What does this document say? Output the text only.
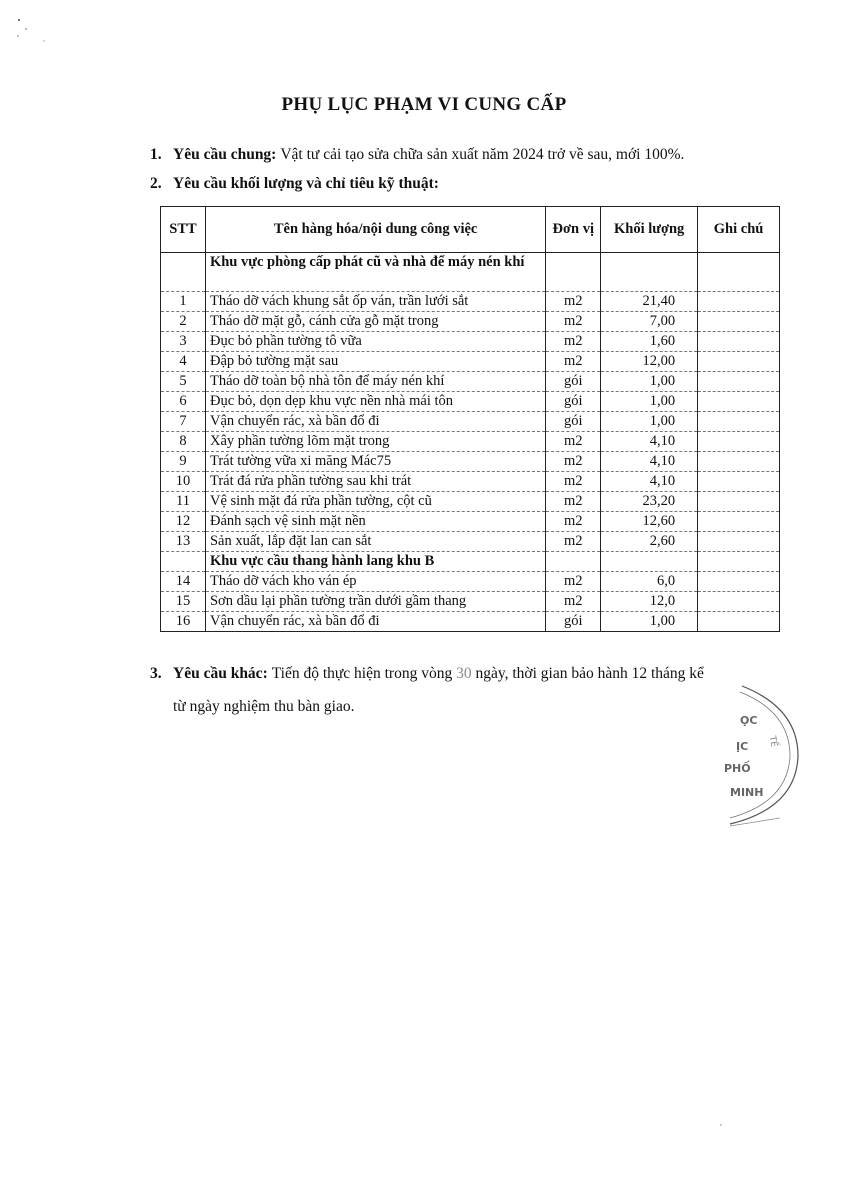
PHỤ LỤC PHẠM VI CUNG CẤP
1. Yêu cầu chung: Vật tư cải tạo sửa chữa sản xuất năm 2024 trở về sau, mới 100%.
2. Yêu cầu khối lượng và chỉ tiêu kỹ thuật:
STT	Tên hàng hóa/nội dung công việc	Đơn vị	Khối lượng	Ghi chú
	Khu vực phòng cấp phát cũ và nhà để máy nén khí			
1	Tháo dỡ vách khung sắt ốp ván, trần lưới sắt	m2	21,40	
2	Tháo dỡ mặt gỗ, cánh cửa gỗ mặt trong	m2	7,00	
3	Đục bỏ phần tường tô vữa	m2	1,60	
4	Đập bỏ tường mặt sau	m2	12,00	
5	Tháo dỡ toàn bộ nhà tôn để máy nén khí	gói	1,00	
6	Đục bỏ, dọn dẹp khu vực nền nhà mái tôn	gói	1,00	
7	Vận chuyển rác, xà bần đổ đi	gói	1,00	
8	Xây phần tường lõm mặt trong	m2	4,10	
9	Trát tường vữa xi măng Mác75	m2	4,10	
10	Trát đá rửa phần tường sau khi trát	m2	4,10	
11	Vệ sinh mặt đá rửa phần tường, cột cũ	m2	23,20	
12	Đánh sạch vệ sinh mặt nền	m2	12,60	
13	Sản xuất, lắp đặt lan can sắt	m2	2,60	
	Khu vực cầu thang hành lang khu B			
14	Tháo dỡ vách kho ván ép	m2	6,0	
15	Sơn dầu lại phần tường trần dưới gầm thang	m2	12,0	
16	Vận chuyển rác, xà bần đổ đi	gói	1,00	
3. Yêu cầu khác: Tiến độ thực hiện trong vòng 30 ngày, thời gian bảo hành 12 tháng kể
từ ngày nghiệm thu bàn giao.
ỌC
ỊC
PHỐ
MINH
TẾ
